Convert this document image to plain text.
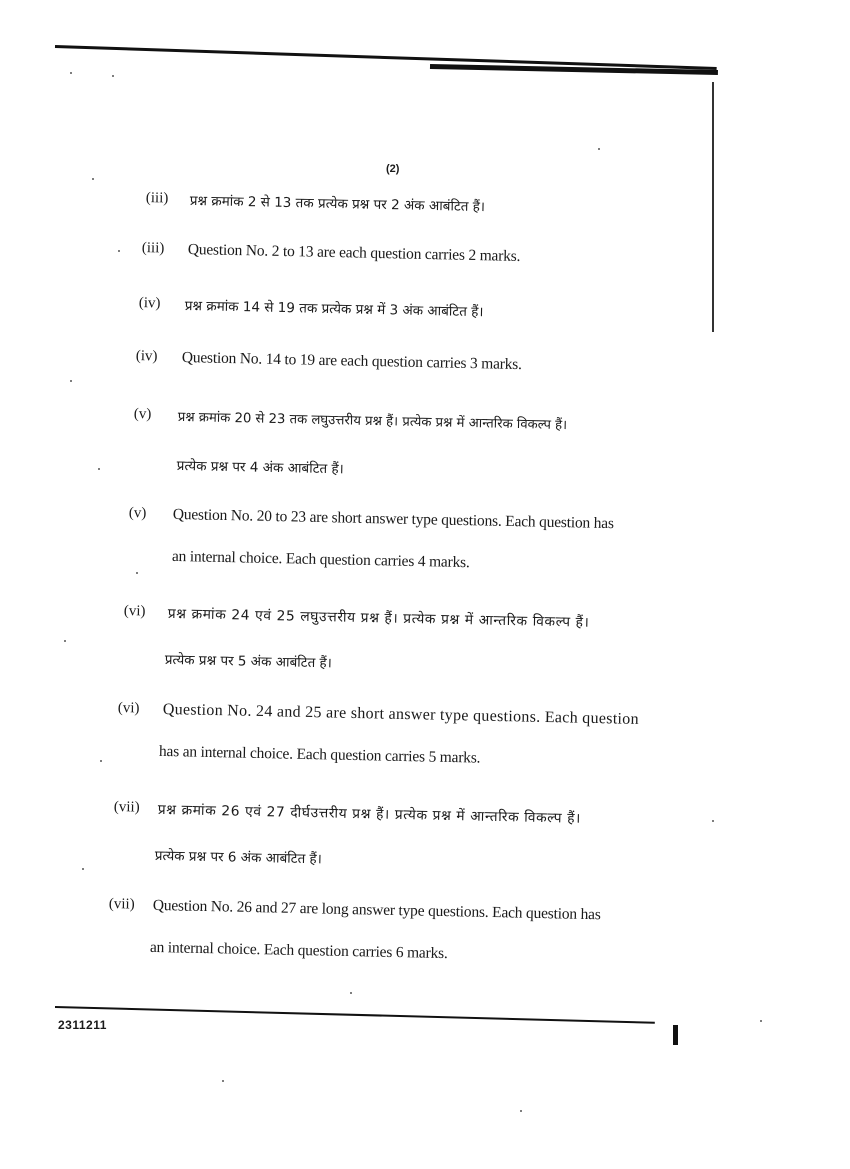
(2)
(iii) प्रश्न क्रमांक 2 से 13 तक प्रत्येक प्रश्न पर 2 अंक आबंटित हैं।
(iii) Question No. 2 to 13 are each question carries 2 marks.
(iv) प्रश्न क्रमांक 14 से 19 तक प्रत्येक प्रश्न में 3 अंक आबंटित हैं।
(iv) Question No. 14 to 19 are each question carries 3 marks.
(v) प्रश्न क्रमांक 20 से 23 तक लघुउत्तरीय प्रश्न हैं। प्रत्येक प्रश्न में आन्तरिक विकल्प हैं।
प्रत्येक प्रश्न पर 4 अंक आबंटित हैं।
(v) Question No. 20 to 23 are short answer type questions. Each question has
an internal choice. Each question carries 4 marks.
(vi) प्रश्न क्रमांक 24 एवं 25 लघुउत्तरीय प्रश्न हैं। प्रत्येक प्रश्न में आन्तरिक विकल्प हैं।
प्रत्येक प्रश्न पर 5 अंक आबंटित हैं।
(vi) Question No. 24 and 25 are short answer type questions. Each question
has an internal choice. Each question carries 5 marks.
(vii) प्रश्न क्रमांक 26 एवं 27 दीर्घउत्तरीय प्रश्न हैं। प्रत्येक प्रश्न में आन्तरिक विकल्प हैं।
प्रत्येक प्रश्न पर 6 अंक आबंटित हैं।
(vii) Question No. 26 and 27 are long answer type questions. Each question has
an internal choice. Each question carries 6 marks.
2311211
